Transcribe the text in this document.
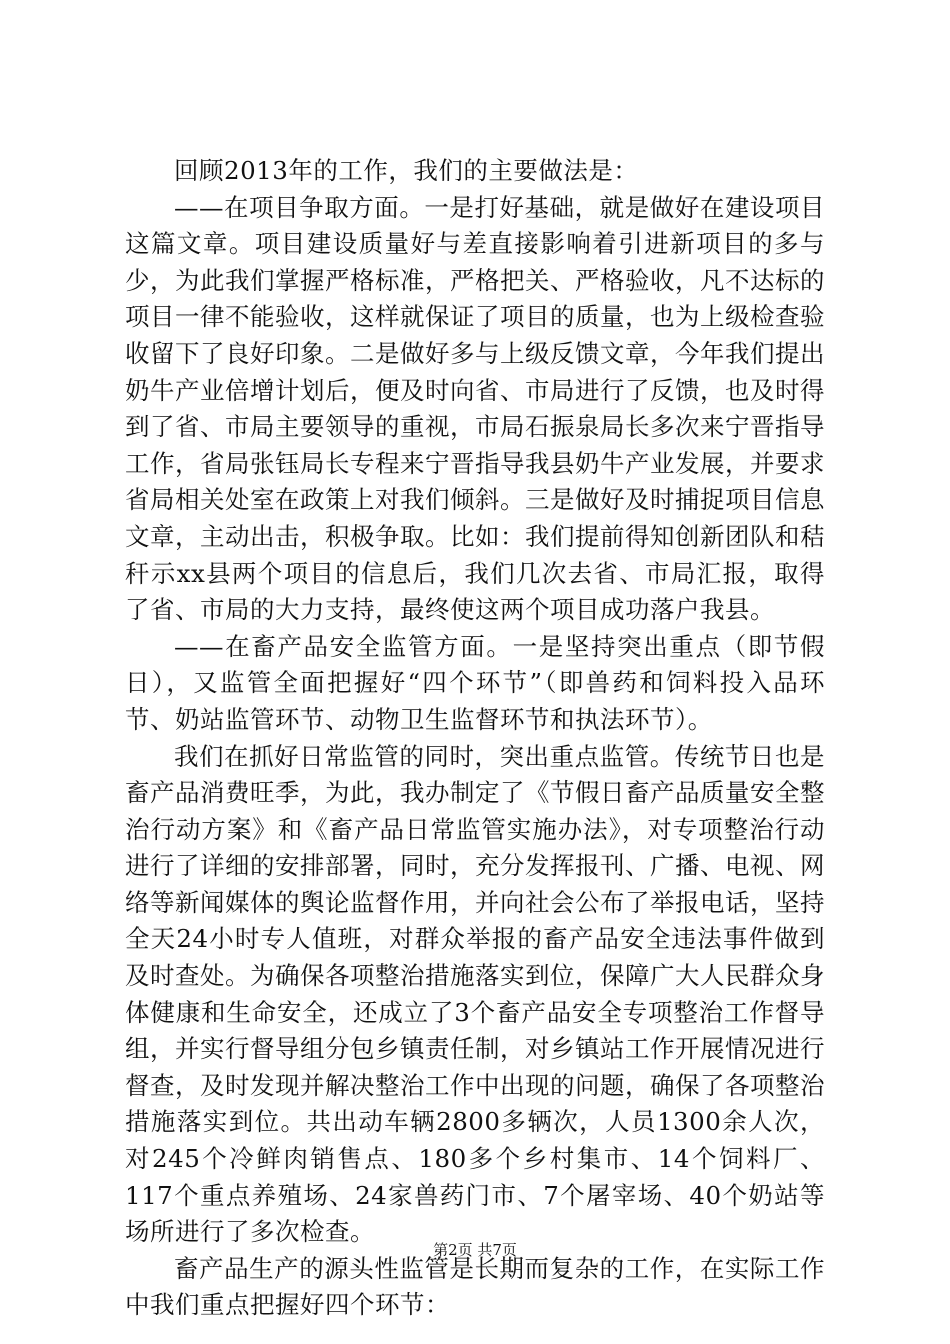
回顾2013年的工作，我们的主要做法是：

——在项目争取方面。一是打好基础，就是做好在建设项目这篇文章。项目建设质量好与差直接影响着引进新项目的多与少，为此我们掌握严格标准，严格把关、严格验收，凡不达标的项目一律不能验收，这样就保证了项目的质量，也为上级检查验收留下了良好印象。二是做好多与上级反馈文章，今年我们提出奶牛产业倍增计划后，便及时向省、市局进行了反馈，也及时得到了省、市局主要领导的重视，市局石振泉局长多次来宁晋指导工作，省局张钰局长专程来宁晋指导我县奶牛产业发展，并要求省局相关处室在政策上对我们倾斜。三是做好及时捕捉项目信息文章，主动出击，积极争取。比如：我们提前得知创新团队和秸秆示xx县两个项目的信息后，我们几次去省、市局汇报，取得了省、市局的大力支持，最终使这两个项目成功落户我县。

——在畜产品安全监管方面。一是坚持突出重点（即节假日），又监管全面把握好“四个环节”（即兽药和饲料投入品环节、奶站监管环节、动物卫生监督环节和执法环节）。

我们在抓好日常监管的同时，突出重点监管。传统节日也是畜产品消费旺季，为此，我办制定了《节假日畜产品质量安全整治行动方案》和《畜产品日常监管实施办法》，对专项整治行动进行了详细的安排部署，同时，充分发挥报刊、广播、电视、网络等新闻媒体的舆论监督作用，并向社会公布了举报电话，坚持全天24小时专人值班，对群众举报的畜产品安全违法事件做到及时查处。为确保各项整治措施落实到位，保障广大人民群众身体健康和生命安全，还成立了3个畜产品安全专项整治工作督导组，并实行督导组分包乡镇责任制，对乡镇站工作开展情况进行督查，及时发现并解决整治工作中出现的问题，确保了各项整治措施落实到位。共出动车辆2800多辆次，人员1300余人次，对245个冷鲜肉销售点、180多个乡村集市、14个饲料厂、117个重点养殖场、24家兽药门市、7个屠宰场、40个奶站等场所进行了多次检查。

畜产品生产的源头性监管是长期而复杂的工作，在实际工作中我们重点把握好四个环节：

第2页 共7页
